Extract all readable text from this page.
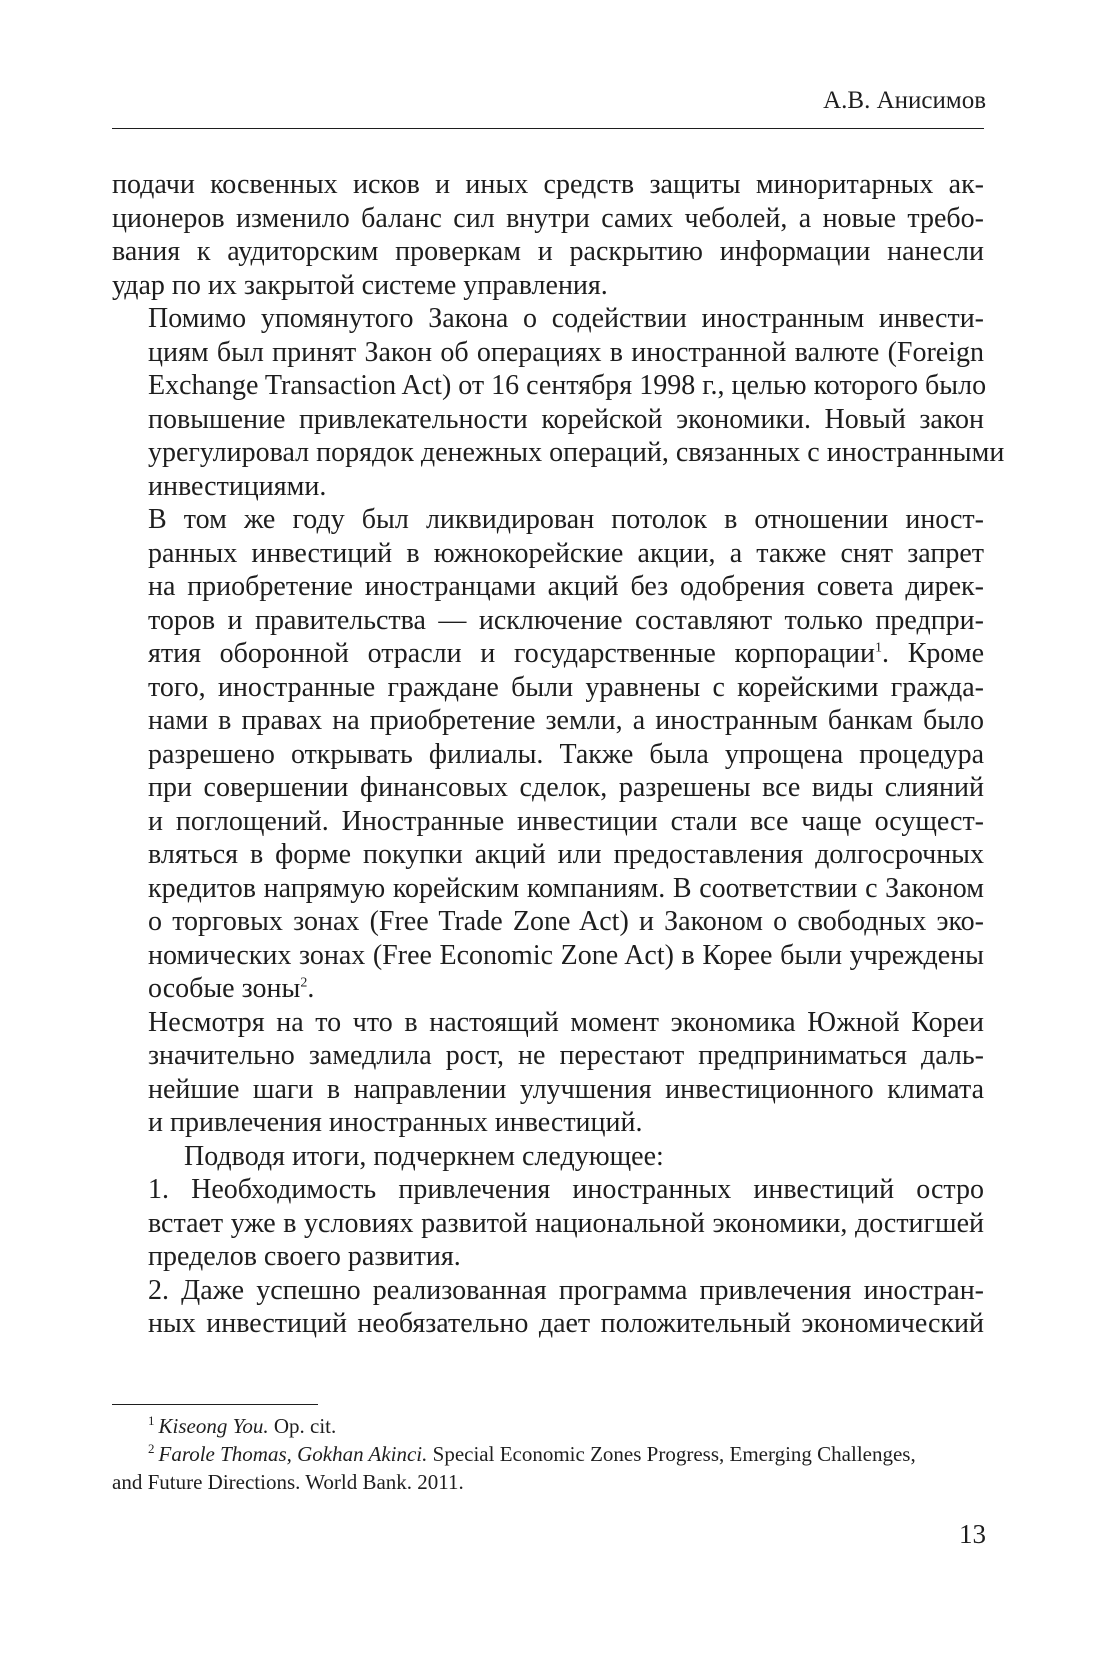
А.В. Анисимов

подачи косвенных исков и иных средств защиты миноритарных ак-
ционеров изменило баланс сил внутри самих чеболей, а новые требо-
вания к аудиторским проверкам и раскрытию информации нанесли
удар по их закрытой системе управления.

Помимо упомянутого Закона о содействии иностранным инвести-
циям был принят Закон об операциях в иностранной валюте (Foreign
Exchange Transaction Act) от 16 сентября 1998 г., целью которого было
повышение привлекательности корейской экономики. Новый закон
урегулировал порядок денежных операций, связанных с иностранными
инвестициями.

В том же году был ликвидирован потолок в отношении иност-
ранных инвестиций в южнокорейские акции, а также снят запрет
на приобретение иностранцами акций без одобрения совета дирек-
торов и правительства — исключение составляют только предпри-
ятия оборонной отрасли и государственные корпорации$^1$. Кроме
того, иностранные граждане были уравнены с корейскими гражда-
нами в правах на приобретение земли, а иностранным банкам было
разрешено открывать филиалы. Также была упрощена процедура
при совершении финансовых сделок, разрешены все виды слияний
и поглощений. Иностранные инвестиции стали все чаще осущест-
вляться в форме покупки акций или предоставления долгосрочных
кредитов напрямую корейским компаниям. В соответствии с Законом
о торговых зонах (Free Trade Zone Act) и Законом о свободных эко-
номических зонах (Free Economic Zone Act) в Корее были учреждены
особые зоны$^2$.

Несмотря на то что в настоящий момент экономика Южной Кореи
значительно замедлила рост, не перестают предприниматься даль-
нейшие шаги в направлении улучшения инвестиционного климата
и привлечения иностранных инвестиций.

Подводя итоги, подчеркнем следующее:

1. Необходимость привлечения иностранных инвестиций остро
встает уже в условиях развитой национальной экономики, достигшей
пределов своего развития.

2. Даже успешно реализованная программа привлечения иностран-
ных инвестиций необязательно дает положительный экономический

$^1$ Kiseong You. Op. cit.

$^2$ Farole Thomas, Gokhan Akinci. Special Economic Zones Progress, Emerging Challenges,

and Future Directions. World Bank. 2011.

13
